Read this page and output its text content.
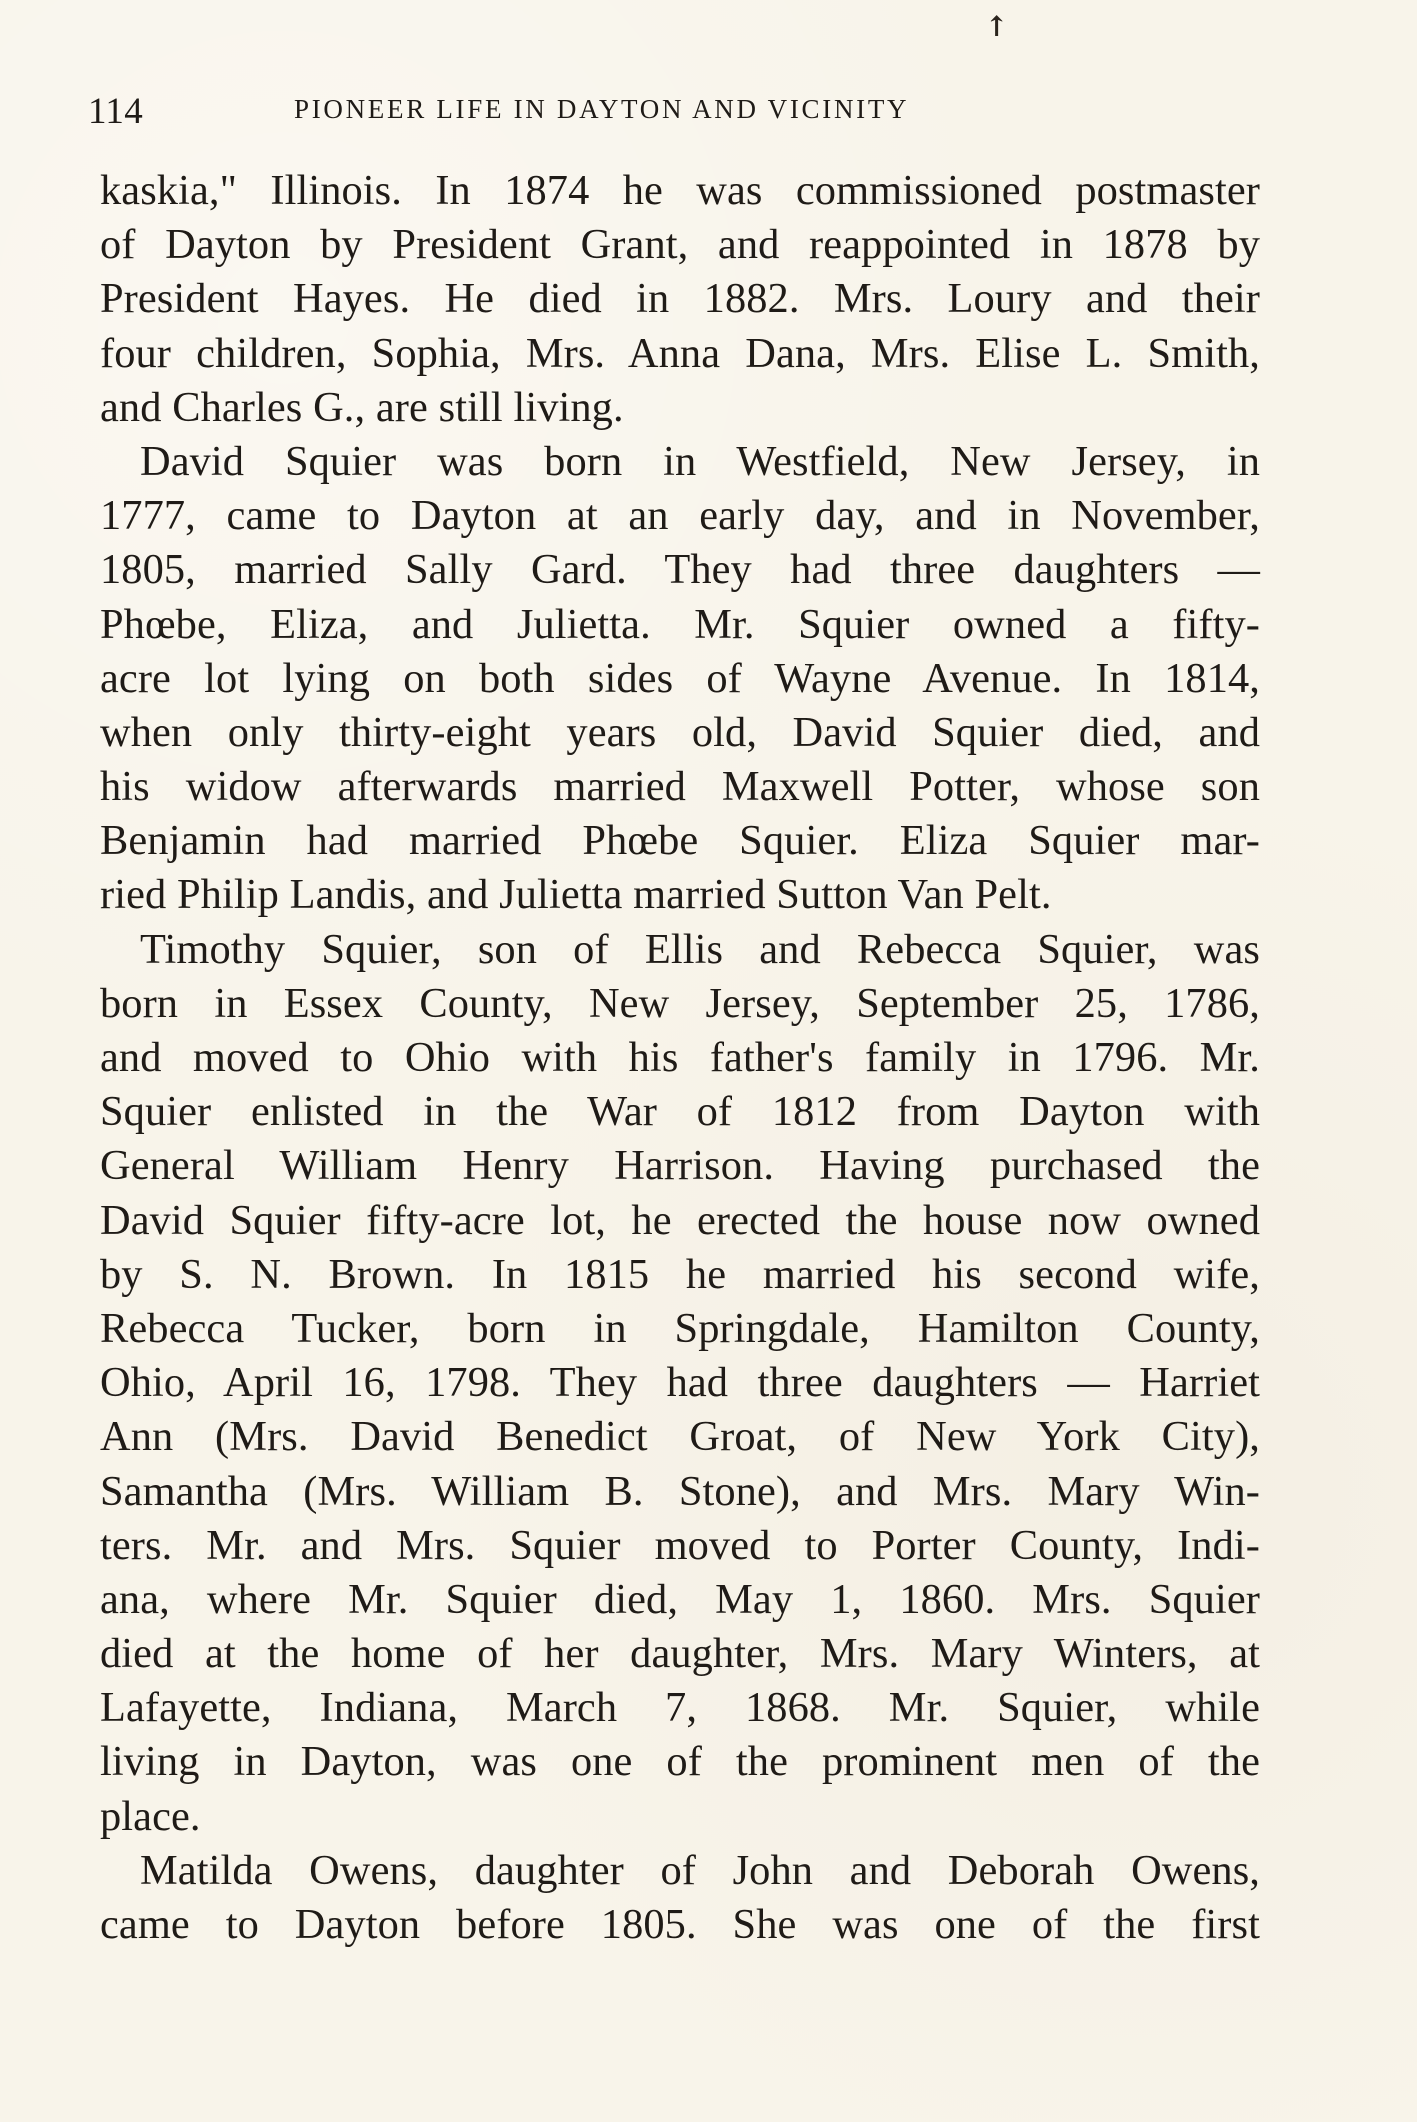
↑
114	PIONEER LIFE IN DAYTON AND VICINITY
kaskia," Illinois. In 1874 he was commissioned postmaster
of Dayton by President Grant, and reappointed in 1878 by
President Hayes. He died in 1882. Mrs. Loury and their
four children, Sophia, Mrs. Anna Dana, Mrs. Elise L. Smith,
and Charles G., are still living.
David Squier was born in Westfield, New Jersey, in
1777, came to Dayton at an early day, and in November,
1805, married Sally Gard. They had three daughters —
Phœbe, Eliza, and Julietta. Mr. Squier owned a fifty-
acre lot lying on both sides of Wayne Avenue. In 1814,
when only thirty-eight years old, David Squier died, and
his widow afterwards married Maxwell Potter, whose son
Benjamin had married Phœbe Squier. Eliza Squier mar-
ried Philip Landis, and Julietta married Sutton Van Pelt.
Timothy Squier, son of Ellis and Rebecca Squier, was
born in Essex County, New Jersey, September 25, 1786,
and moved to Ohio with his father's family in 1796. Mr.
Squier enlisted in the War of 1812 from Dayton with
General William Henry Harrison. Having purchased the
David Squier fifty-acre lot, he erected the house now owned
by S. N. Brown. In 1815 he married his second wife,
Rebecca Tucker, born in Springdale, Hamilton County,
Ohio, April 16, 1798. They had three daughters — Harriet
Ann (Mrs. David Benedict Groat, of New York City),
Samantha (Mrs. William B. Stone), and Mrs. Mary Win-
ters. Mr. and Mrs. Squier moved to Porter County, Indi-
ana, where Mr. Squier died, May 1, 1860. Mrs. Squier
died at the home of her daughter, Mrs. Mary Winters, at
Lafayette, Indiana, March 7, 1868. Mr. Squier, while
living in Dayton, was one of the prominent men of the
place.
Matilda Owens, daughter of John and Deborah Owens,
came to Dayton before 1805. She was one of the first
